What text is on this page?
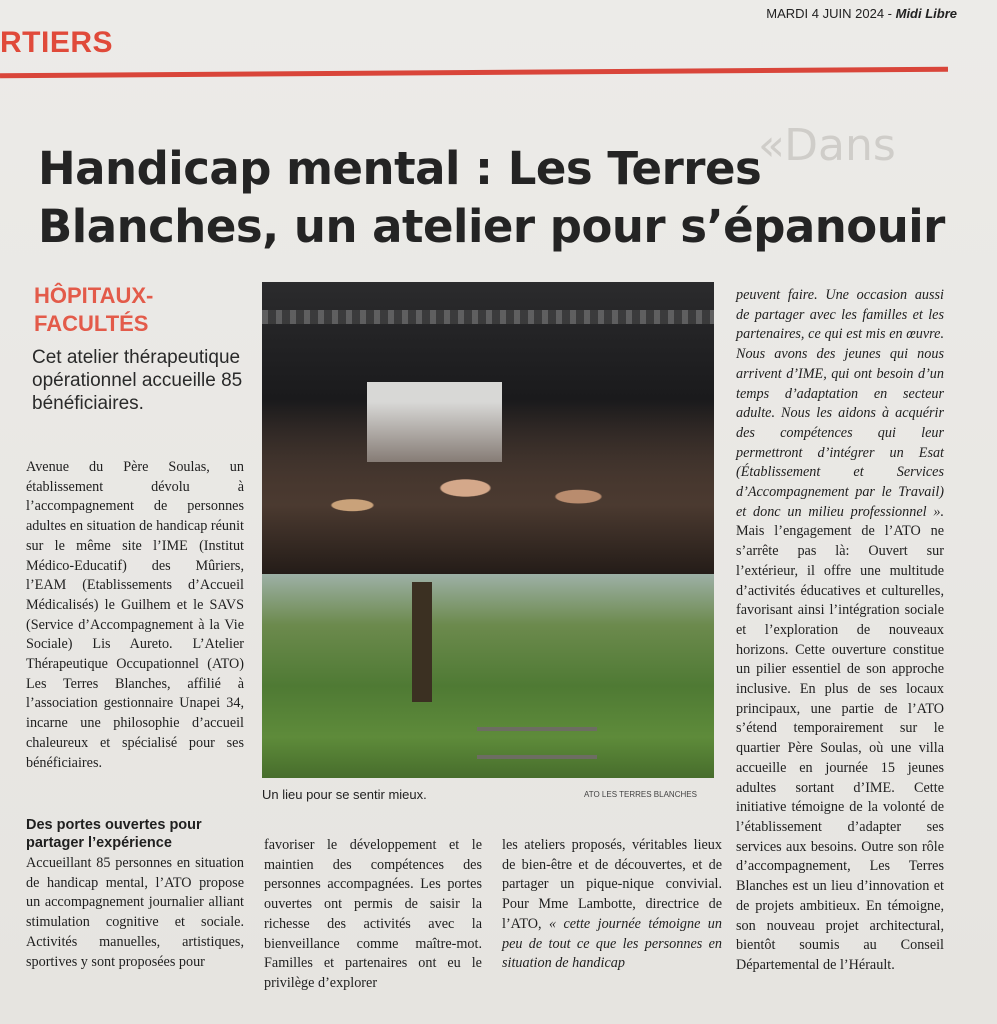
RTIERS
MARDI 4 JUIN 2024 - Midi Libre
«Dans
Handicap mental : Les Terres Blanches, un atelier pour s’épanouir
HÔPITAUX-
FACULTÉS

Cet atelier thérapeutique opérationnel accueille 85 bénéficiaires.

Avenue du Père Soulas, un établissement dévolu à l’accompagnement de personnes adultes en situation de handicap réunit sur le même site l’IME (Institut Médico-Educatif) des Mûriers, l’EAM (Etablissements d’Accueil Médicalisés) le Guilhem et le SAVS (Service d’Accompagnement à la Vie Sociale) Lis Aureto. L’Atelier Thérapeutique Occupationnel (ATO) Les Terres Blanches, affilié à l’association gestionnaire Unapei 34, incarne une philosophie d’accueil chaleureux et spécialisé pour ses bénéficiaires.

Un lieu pour se sentir mieux.	ATO LES TERRES BLANCHES
Des portes ouvertes pour partager l’expérience

Accueillant 85 personnes en situation de handicap mental, l’ATO propose un accompagnement journalier alliant stimulation cognitive et sociale. Activités manuelles, artistiques, sportives y sont proposées pour

favoriser le développement et le maintien des compétences des personnes accompagnées. Les portes ouvertes ont permis de saisir la richesse des activités avec la bienveillance comme maître-mot. Familles et partenaires ont eu le privilège d’explorer

les ateliers proposés, véritables lieux de bien-être et de découvertes, et de partager un pique-nique convivial. Pour Mme Lambotte, directrice de l’ATO, « cette journée témoigne un peu de tout ce que les personnes en situation de handicap

peuvent faire. Une occasion aussi de partager avec les familles et les partenaires, ce qui est mis en œuvre. Nous avons des jeunes qui nous arrivent d’IME, qui ont besoin d’un temps d’adaptation en secteur adulte. Nous les aidons à acquérir des compétences qui leur permettront d’intégrer un Esat (Établissement et Services d’Accompagnement par le Travail) et donc un milieu professionnel ». Mais l’engagement de l’ATO ne s’arrête pas là: Ouvert sur l’extérieur, il offre une multitude d’activités éducatives et culturelles, favorisant ainsi l’intégration sociale et l’exploration de nouveaux horizons. Cette ouverture constitue un pilier essentiel de son approche inclusive. En plus de ses locaux principaux, une partie de l’ATO s’étend temporairement sur le quartier Père Soulas, où une villa accueille en journée 15 jeunes adultes sortant d’IME. Cette initiative témoigne de la volonté de l’établissement d’adapter ses services aux besoins. Outre son rôle d’accompagnement, Les Terres Blanches est un lieu d’innovation et de projets ambitieux. En témoigne, son nouveau projet architectural, bientôt soumis au Conseil Départemental de l’Hérault.
